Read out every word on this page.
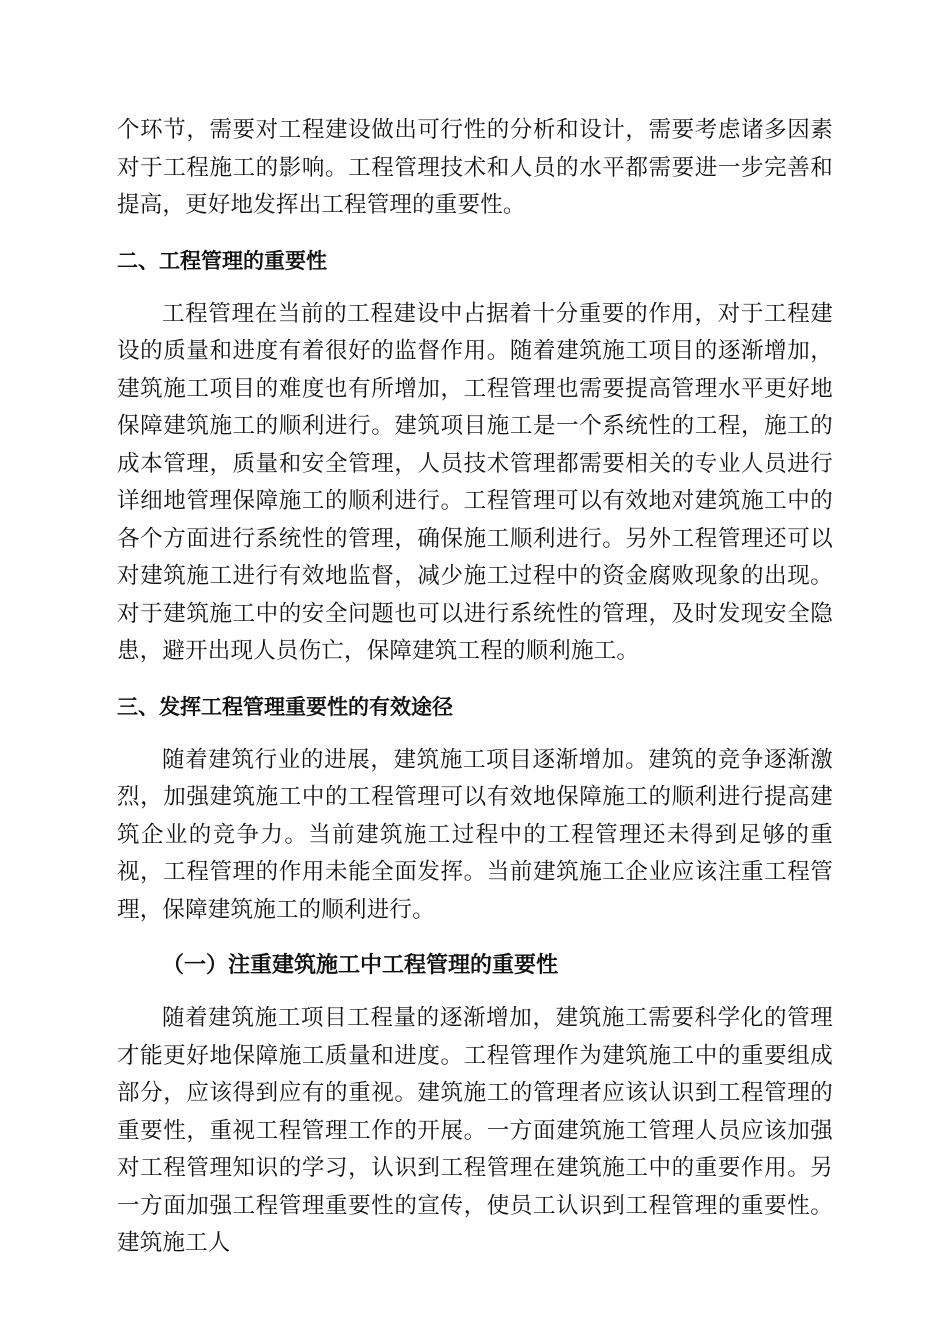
个环节，需要对工程建设做出可行性的分析和设计，需要考虑诸多因素对于工程施工的影响。工程管理技术和人员的水平都需要进一步完善和提高，更好地发挥出工程管理的重要性。

二、工程管理的重要性

工程管理在当前的工程建设中占据着十分重要的作用，对于工程建设的质量和进度有着很好的监督作用。随着建筑施工项目的逐渐增加，建筑施工项目的难度也有所增加，工程管理也需要提高管理水平更好地保障建筑施工的顺利进行。建筑项目施工是一个系统性的工程，施工的成本管理，质量和安全管理，人员技术管理都需要相关的专业人员进行详细地管理保障施工的顺利进行。工程管理可以有效地对建筑施工中的各个方面进行系统性的管理，确保施工顺利进行。另外工程管理还可以对建筑施工进行有效地监督，减少施工过程中的资金腐败现象的出现。对于建筑施工中的安全问题也可以进行系统性的管理，及时发现安全隐患，避开出现人员伤亡，保障建筑工程的顺利施工。

三、发挥工程管理重要性的有效途径

随着建筑行业的进展，建筑施工项目逐渐增加。建筑的竞争逐渐激烈，加强建筑施工中的工程管理可以有效地保障施工的顺利进行提高建筑企业的竞争力。当前建筑施工过程中的工程管理还未得到足够的重视，工程管理的作用未能全面发挥。当前建筑施工企业应该注重工程管理，保障建筑施工的顺利进行。

（一）注重建筑施工中工程管理的重要性

随着建筑施工项目工程量的逐渐增加，建筑施工需要科学化的管理才能更好地保障施工质量和进度。工程管理作为建筑施工中的重要组成部分，应该得到应有的重视。建筑施工的管理者应该认识到工程管理的重要性，重视工程管理工作的开展。一方面建筑施工管理人员应该加强对工程管理知识的学习，认识到工程管理在建筑施工中的重要作用。另一方面加强工程管理重要性的宣传，使员工认识到工程管理的重要性。建筑施工人
